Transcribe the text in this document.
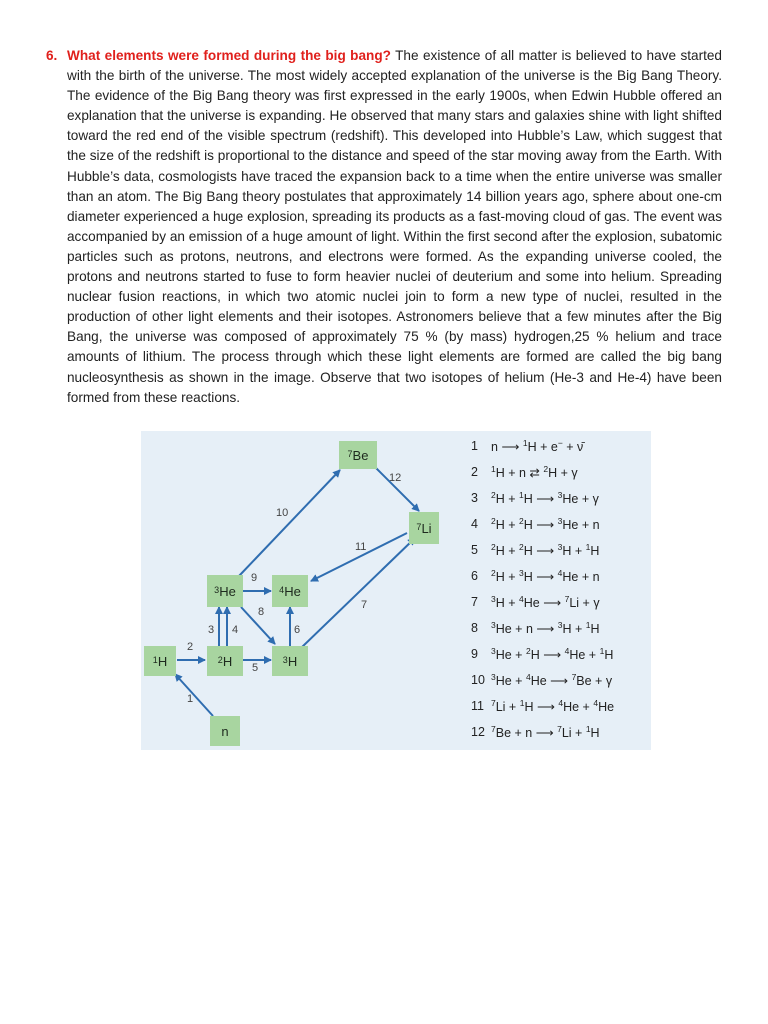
6. What elements were formed during the big bang? The existence of all matter is believed to have started with the birth of the universe. The most widely accepted explanation of the universe is the Big Bang Theory. The evidence of the Big Bang theory was first expressed in the early 1900s, when Edwin Hubble offered an explanation that the universe is expanding. He observed that many stars and galaxies shine with light shifted toward the red end of the visible spectrum (redshift). This developed into Hubble’s Law, which suggest that the size of the redshift is proportional to the distance and speed of the star moving away from the Earth. With Hubble’s data, cosmologists have traced the expansion back to a time when the entire universe was smaller than an atom. The Big Bang theory postulates that approximately 14 billion years ago, sphere about one-cm diameter experienced a huge explosion, spreading its products as a fast-moving cloud of gas. The event was accompanied by an emission of a huge amount of light. Within the first second after the explosion, subatomic particles such as protons, neutrons, and electrons were formed. As the expanding universe cooled, the protons and neutrons started to fuse to form heavier nuclei of deuterium and some into helium. Spreading nuclear fusion reactions, in which two atomic nuclei join to form a new type of nuclei, resulted in the production of other light elements and their isotopes. Astronomers believe that a few minutes after the Big Bang, the universe was composed of approximately 75 % (by mass) hydrogen,25 % helium and trace amounts of lithium. The process through which these light elements are formed are called the big bang nucleosynthesis as shown in the image. Observe that two isotopes of helium (He-3 and He-4) have been formed from these reactions.
$^7$ Be
$^7$ Li
$^3$ He	$^4$ He
$^1$ H	$^2$ H	$^3$ H
n
1
2
3 4
5
6
7
8
9
10
11
12
1	n ⟶ $^1$H + e− + ν̄
2	$^1$H + n ⇄ $^2$H + γ
3	$^2$H + $^1$H ⟶ $^3$He + γ
4	$^2$H + $^2$H ⟶ $^3$He + n
5	$^2$H + $^2$H ⟶ $^3$H + $^1$H
6	$^2$H + $^3$H ⟶ $^4$He + n
7	$^3$H + $^4$He ⟶ $^7$Li + γ
8	$^3$He + n ⟶ $^3$H + $^1$H
9	$^3$He + $^2$H ⟶ $^4$He + $^1$H
10 $^3$He + $^4$He ⟶ $^7$Be + γ
11 $^7$Li + $^1$H ⟶ $^4$He + $^4$He
12 $^7$Be + n ⟶ $^7$Li + $^1$H
